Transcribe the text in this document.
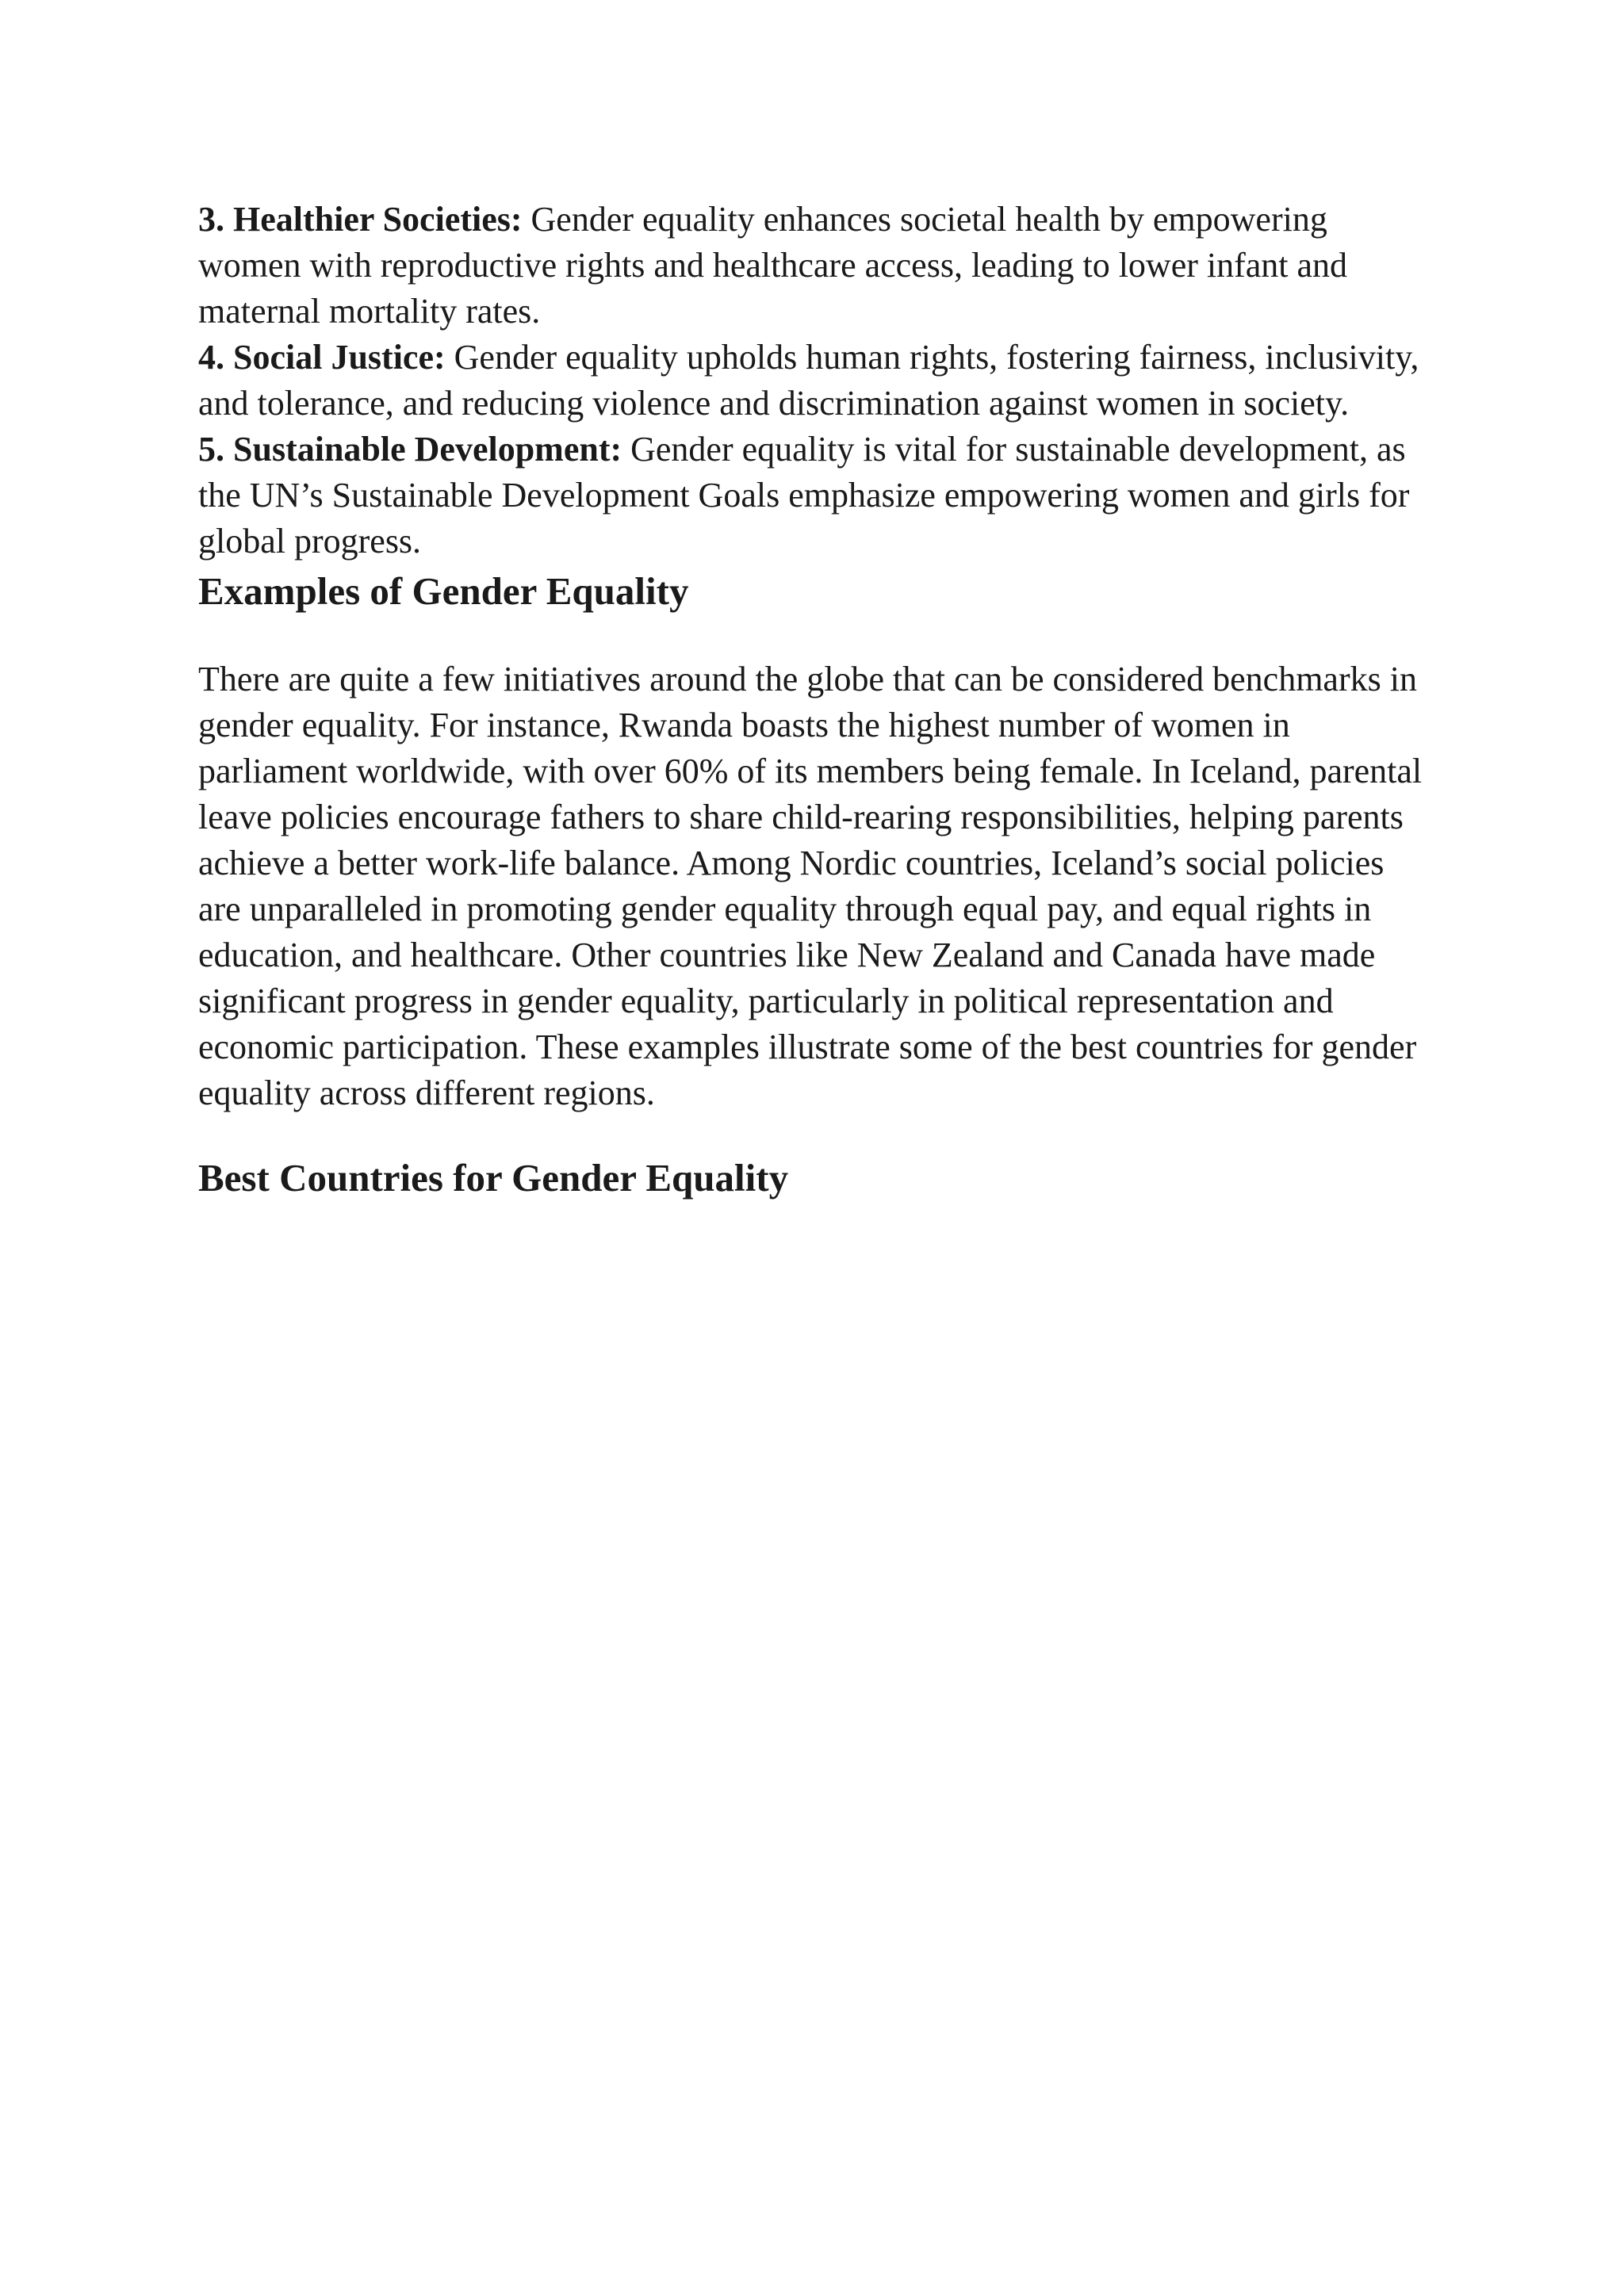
3. Healthier Societies: Gender equality enhances societal health by empowering women with reproductive rights and healthcare access, leading to lower infant and maternal mortality rates.

4. Social Justice: Gender equality upholds human rights, fostering fairness, inclusivity, and tolerance, and reducing violence and discrimination against women in society.

5. Sustainable Development: Gender equality is vital for sustainable development, as the UN’s Sustainable Development Goals emphasize empowering women and girls for global progress.

Examples of Gender Equality

There are quite a few initiatives around the globe that can be considered benchmarks in gender equality. For instance, Rwanda boasts the highest number of women in parliament worldwide, with over 60% of its members being female. In Iceland, parental leave policies encourage fathers to share child-rearing responsibilities, helping parents achieve a better work-life balance. Among Nordic countries, Iceland’s social policies are unparalleled in promoting gender equality through equal pay, and equal rights in education, and healthcare. Other countries like New Zealand and Canada have made significant progress in gender equality, particularly in political representation and economic participation. These examples illustrate some of the best countries for gender equality across different regions.

Best Countries for Gender Equality
